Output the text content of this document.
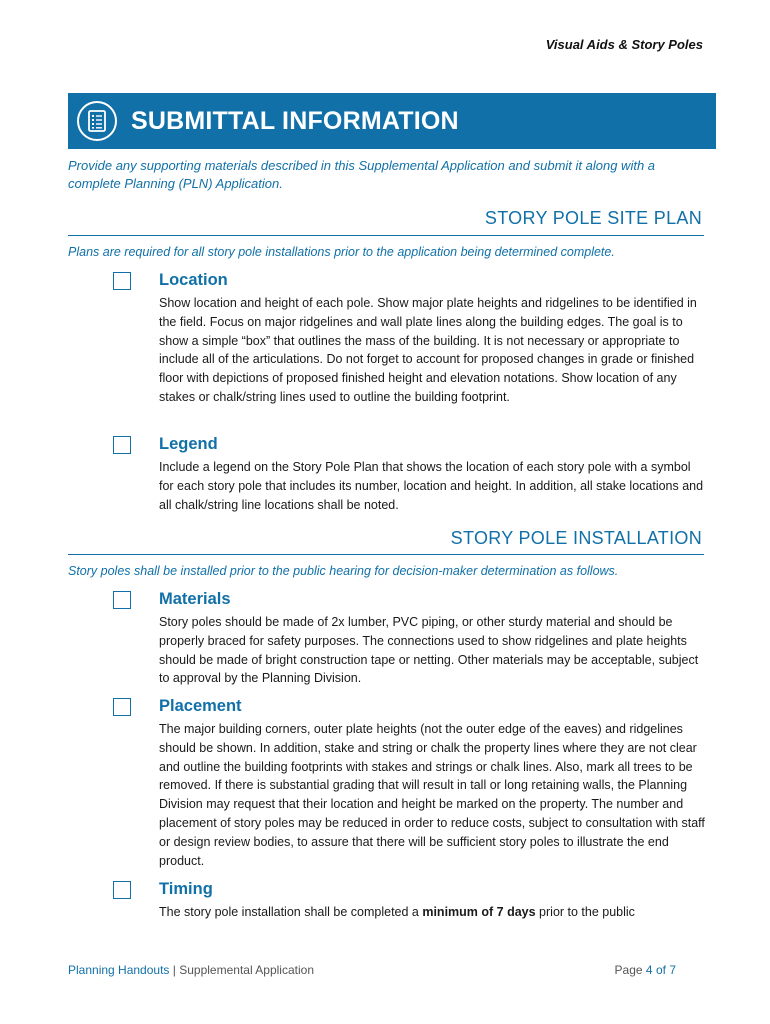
Visual Aids & Story Poles
SUBMITTAL INFORMATION
Provide any supporting materials described in this Supplemental Application and submit it along with a complete Planning (PLN) Application.
STORY POLE SITE PLAN
Plans are required for all story pole installations prior to the application being determined complete.
Location
Show location and height of each pole. Show major plate heights and ridgelines to be identified in the field. Focus on major ridgelines and wall plate lines along the building edges. The goal is to show a simple “box” that outlines the mass of the building. It is not necessary or appropriate to include all of the articulations. Do not forget to account for proposed changes in grade or finished floor with depictions of proposed finished height and elevation notations. Show location of any stakes or chalk/string lines used to outline the building footprint.
Legend
Include a legend on the Story Pole Plan that shows the location of each story pole with a symbol for each story pole that includes its number, location and height. In addition, all stake locations and all chalk/string line locations shall be noted.
STORY POLE INSTALLATION
Story poles shall be installed prior to the public hearing for decision-maker determination as follows.
Materials
Story poles should be made of 2x lumber, PVC piping, or other sturdy material and should be properly braced for safety purposes. The connections used to show ridgelines and plate heights should be made of bright construction tape or netting. Other materials may be acceptable, subject to approval by the Planning Division.
Placement
The major building corners, outer plate heights (not the outer edge of the eaves) and ridgelines should be shown. In addition, stake and string or chalk the property lines where they are not clear and outline the building footprints with stakes and strings or chalk lines. Also, mark all trees to be removed. If there is substantial grading that will result in tall or long retaining walls, the Planning Division may request that their location and height be marked on the property. The number and placement of story poles may be reduced in order to reduce costs, subject to consultation with staff or design review bodies, to assure that there will be sufficient story poles to illustrate the end product.
Timing
The story pole installation shall be completed a minimum of 7 days prior to the public
Planning Handouts | Supplemental Application	Page 4 of 7
